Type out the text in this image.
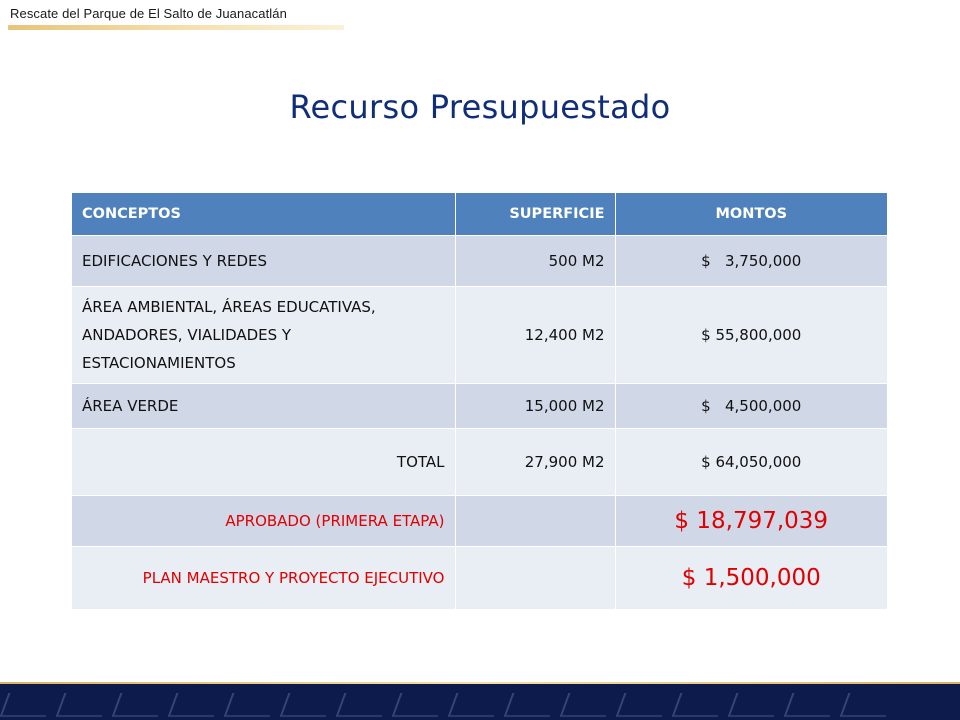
Rescate del Parque de El Salto de Juanacatlán
Recurso Presupuestado
CONCEPTOS	SUPERFICIE	MONTOS
EDIFICACIONES Y REDES	500 M2	$   3,750,000
ÁREA AMBIENTAL, ÁREAS EDUCATIVAS, ANDADORES, VIALIDADES Y ESTACIONAMIENTOS	12,400 M2	$ 55,800,000
ÁREA VERDE	15,000 M2	$   4,500,000
TOTAL	27,900 M2	$ 64,050,000
APROBADO (PRIMERA ETAPA)		$ 18,797,039
PLAN MAESTRO Y PROYECTO EJECUTIVO		$ 1,500,000
